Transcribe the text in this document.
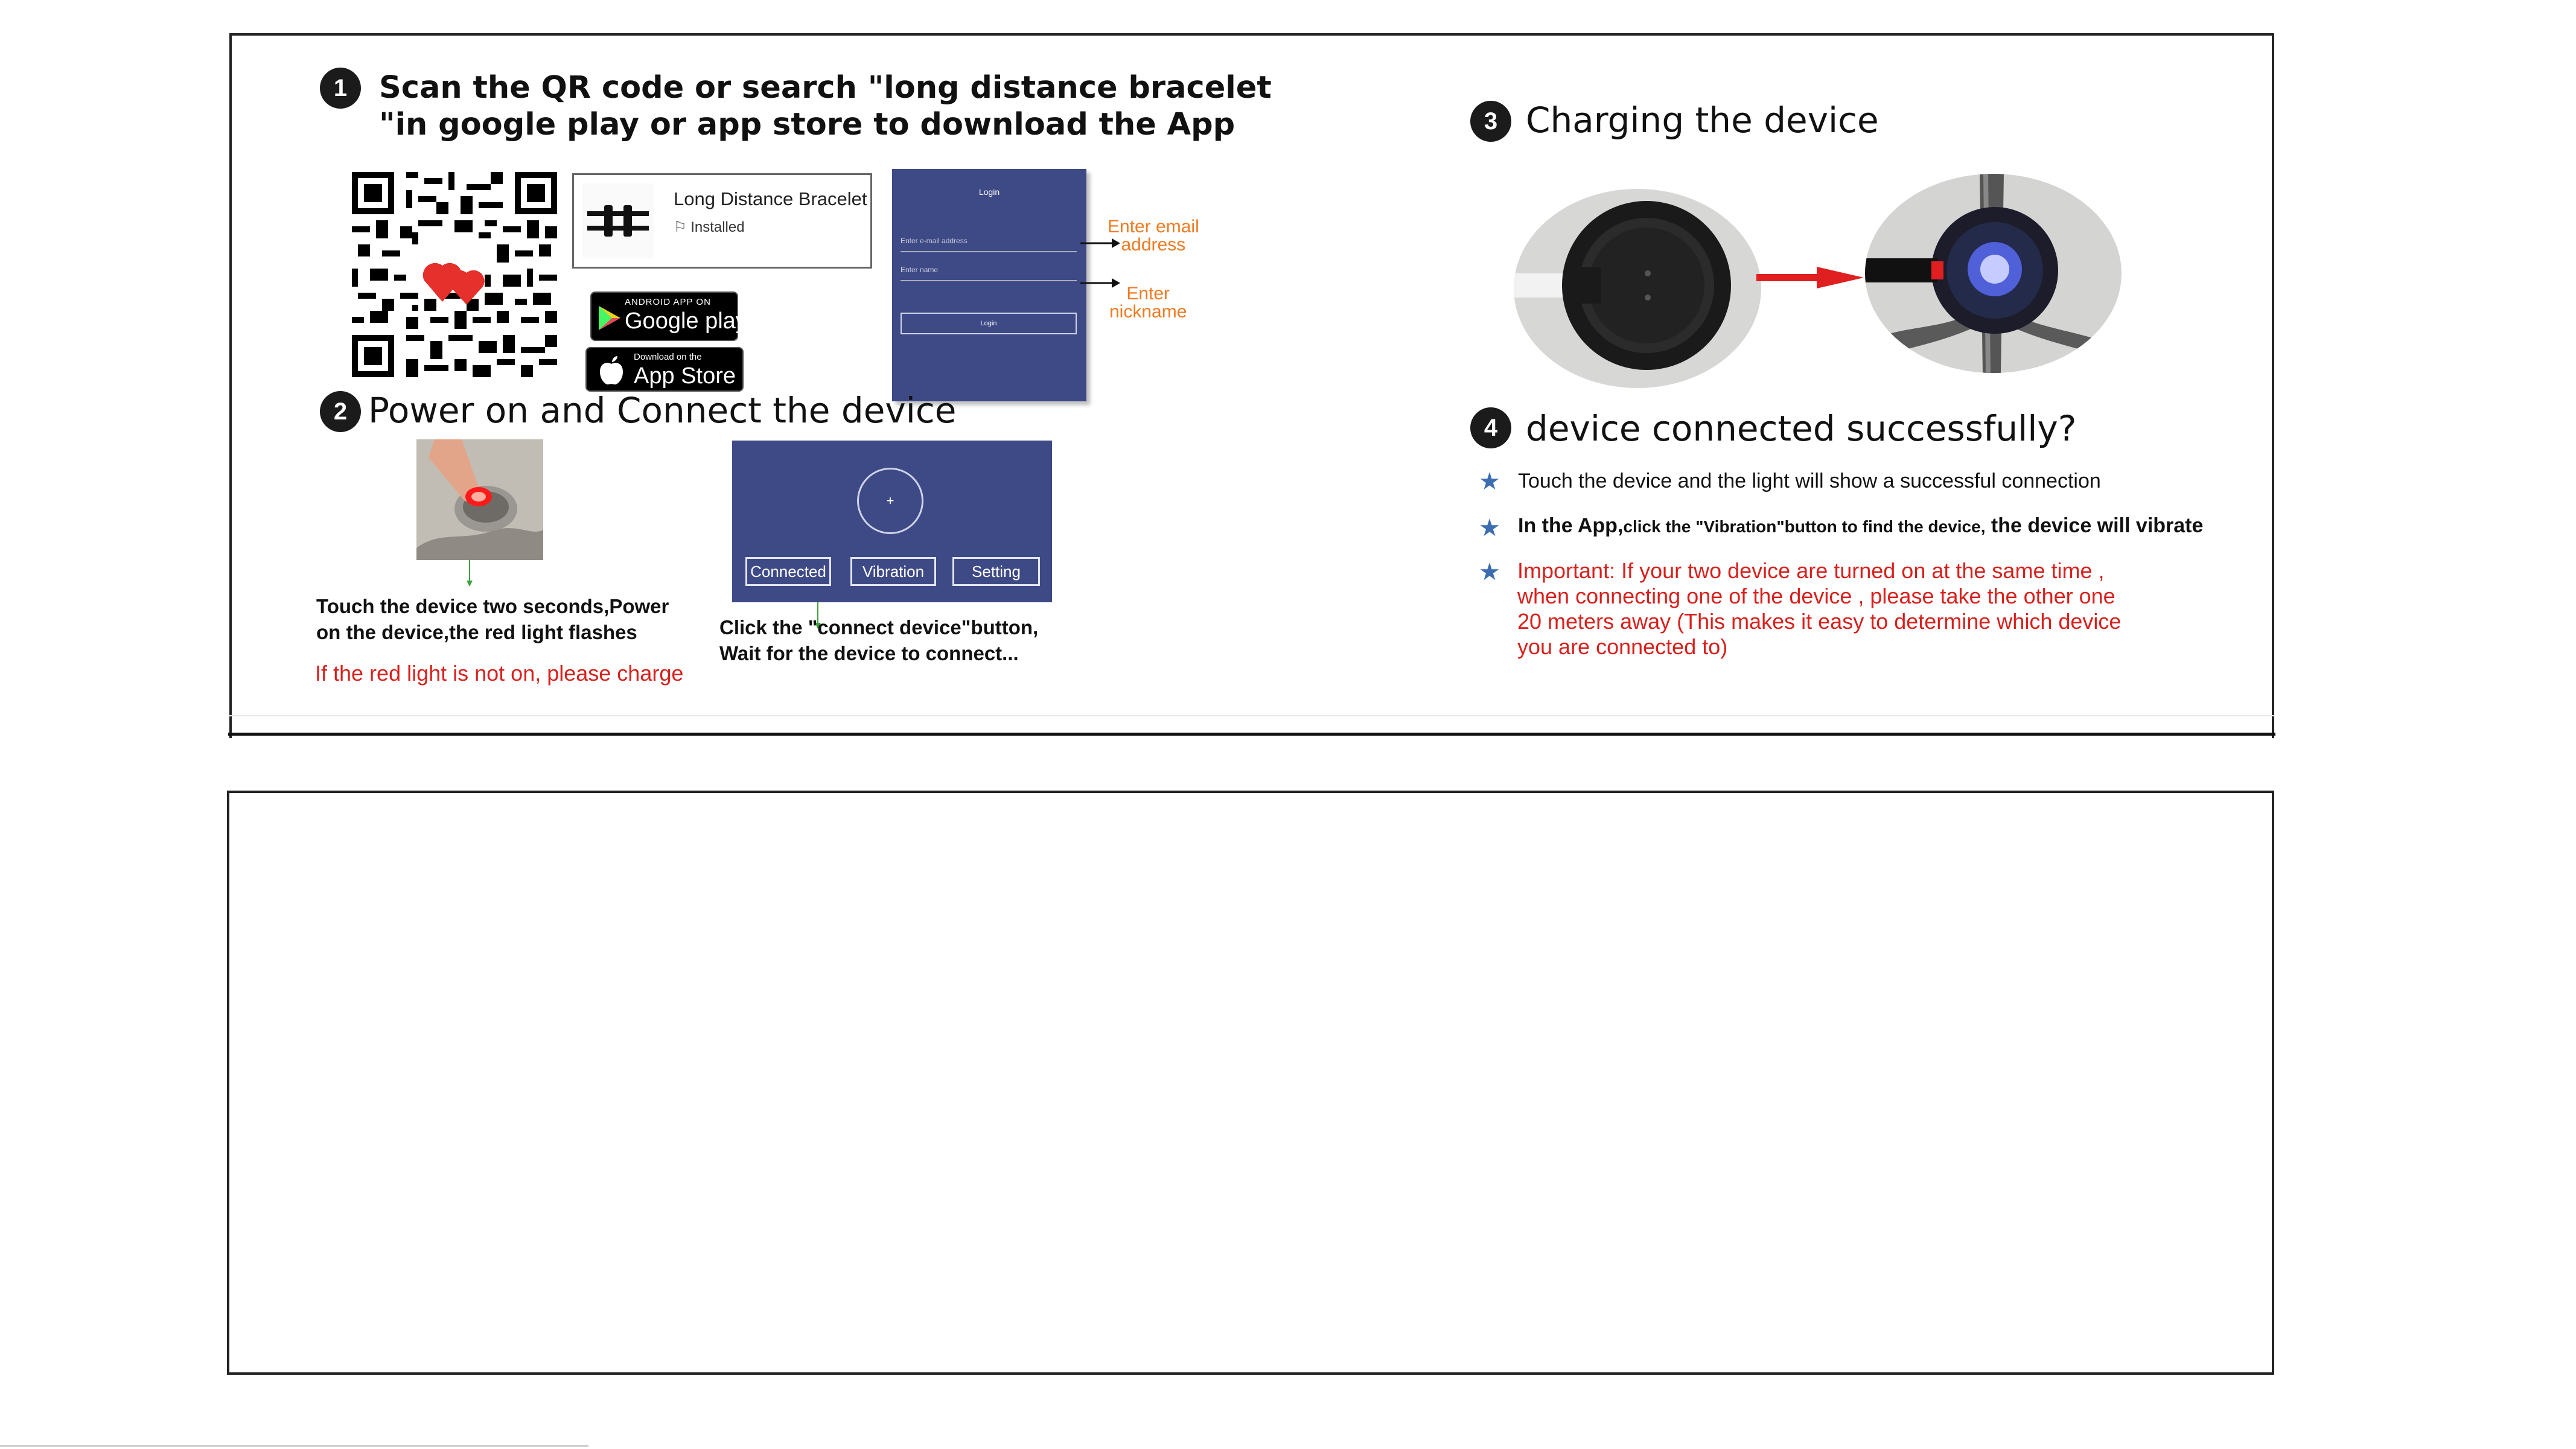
1	Scan the QR code or search "long distance bracelet
"in google play or app store to download the App
Long Distance Bracelet
⚐ Installed
ANDROID APP ON
Google play
Download on the
App Store
Login
Enter e-mail address
Enter name
Login
Enter email
address
Enter
nickname
2 Power on and Connect the device
Touch the device two seconds,Power
on the device,the red light flashes
If the red light is not on, please charge
+
Connected	Vibration	Setting
Click the "connect device"button,
Wait for the device to connect...
3 Charging the device
4 device connected successfully?
★ Touch the device and the light will show a successful connection
★ In the App,click the "Vibration"button to find the device, the device will vibrate
★ Important: If your two device are turned on at the same time ,
when connecting one of the device , please take the other one
20 meters away (This makes it easy to determine which device
you are connected to)
